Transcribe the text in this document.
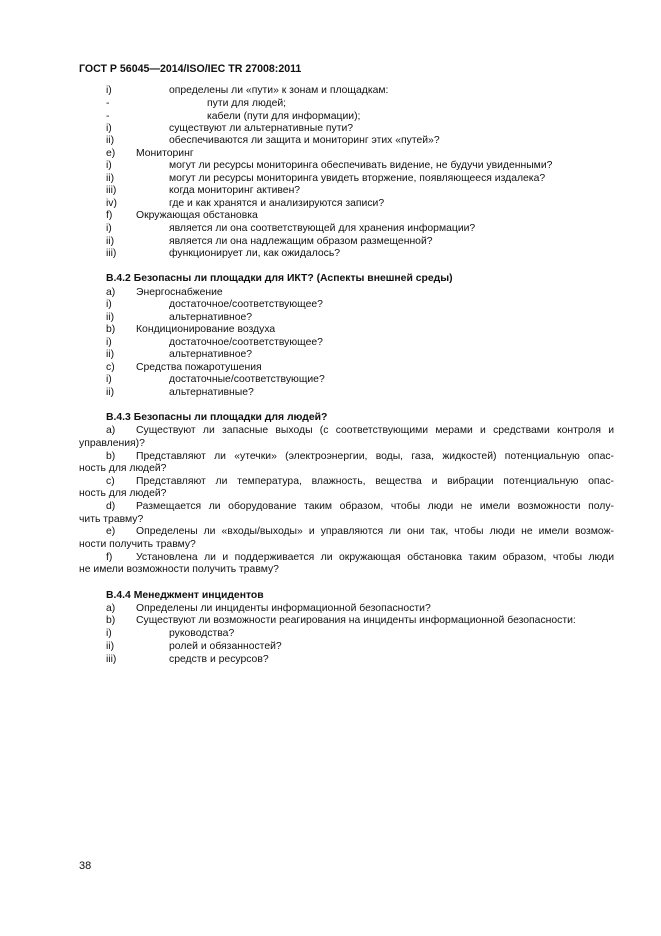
ГОСТ Р 56045—2014/ISO/IEC TR 27008:2011
i)	определены ли «пути» к зонам и площадкам:
-	пути для людей;
-	кабели (пути для информации);
i)	существуют ли альтернативные пути?
ii)	обеспечиваются ли защита и мониторинг этих «путей»?
e) Мониторинг
i)	могут ли ресурсы мониторинга обеспечивать видение, не будучи увиденными?
ii)	могут ли ресурсы мониторинга увидеть вторжение, появляющееся издалека?
iii)	когда мониторинг активен?
iv)	где и как хранятся и анализируются записи?
f) Окружающая обстановка
i)	является ли она соответствующей для хранения информации?
ii)	является ли она надлежащим образом размещенной?
iii)	функционирует ли, как ожидалось?
B.4.2 Безопасны ли площадки для ИКТ? (Аспекты внешней среды)
a) Энергоснабжение
i)	достаточное/соответствующее?
ii)	альтернативное?
b) Кондиционирование воздуха
i)	достаточное/соответствующее?
ii)	альтернативное?
c) Средства пожаротушения
i)	достаточные/соответствующие?
ii)	альтернативные?
B.4.3 Безопасны ли площадки для людей?
a) Существуют ли запасные выходы (с соответствующими мерами и средствами контроля и
управления)?
b) Представляют ли «утечки» (электроэнергии, воды, газа, жидкостей) потенциальную опас-
ность для людей?
c) Представляют ли температура, влажность, вещества и вибрации потенциальную опас-
ность для людей?
d) Размещается ли оборудование таким образом, чтобы люди не имели возможности полу-
чить травму?
e) Определены ли «входы/выходы» и управляются ли они так, чтобы люди не имели возмож-
ности получить травму?
f) Установлена ли и поддерживается ли окружающая обстановка таким образом, чтобы люди
не имели возможности получить травму?
B.4.4 Менеджмент инцидентов
a) Определены ли инциденты информационной безопасности?
b) Существуют ли возможности реагирования на инциденты информационной безопасности:
i)	руководства?
ii)	ролей и обязанностей?
iii)	средств и ресурсов?
38
